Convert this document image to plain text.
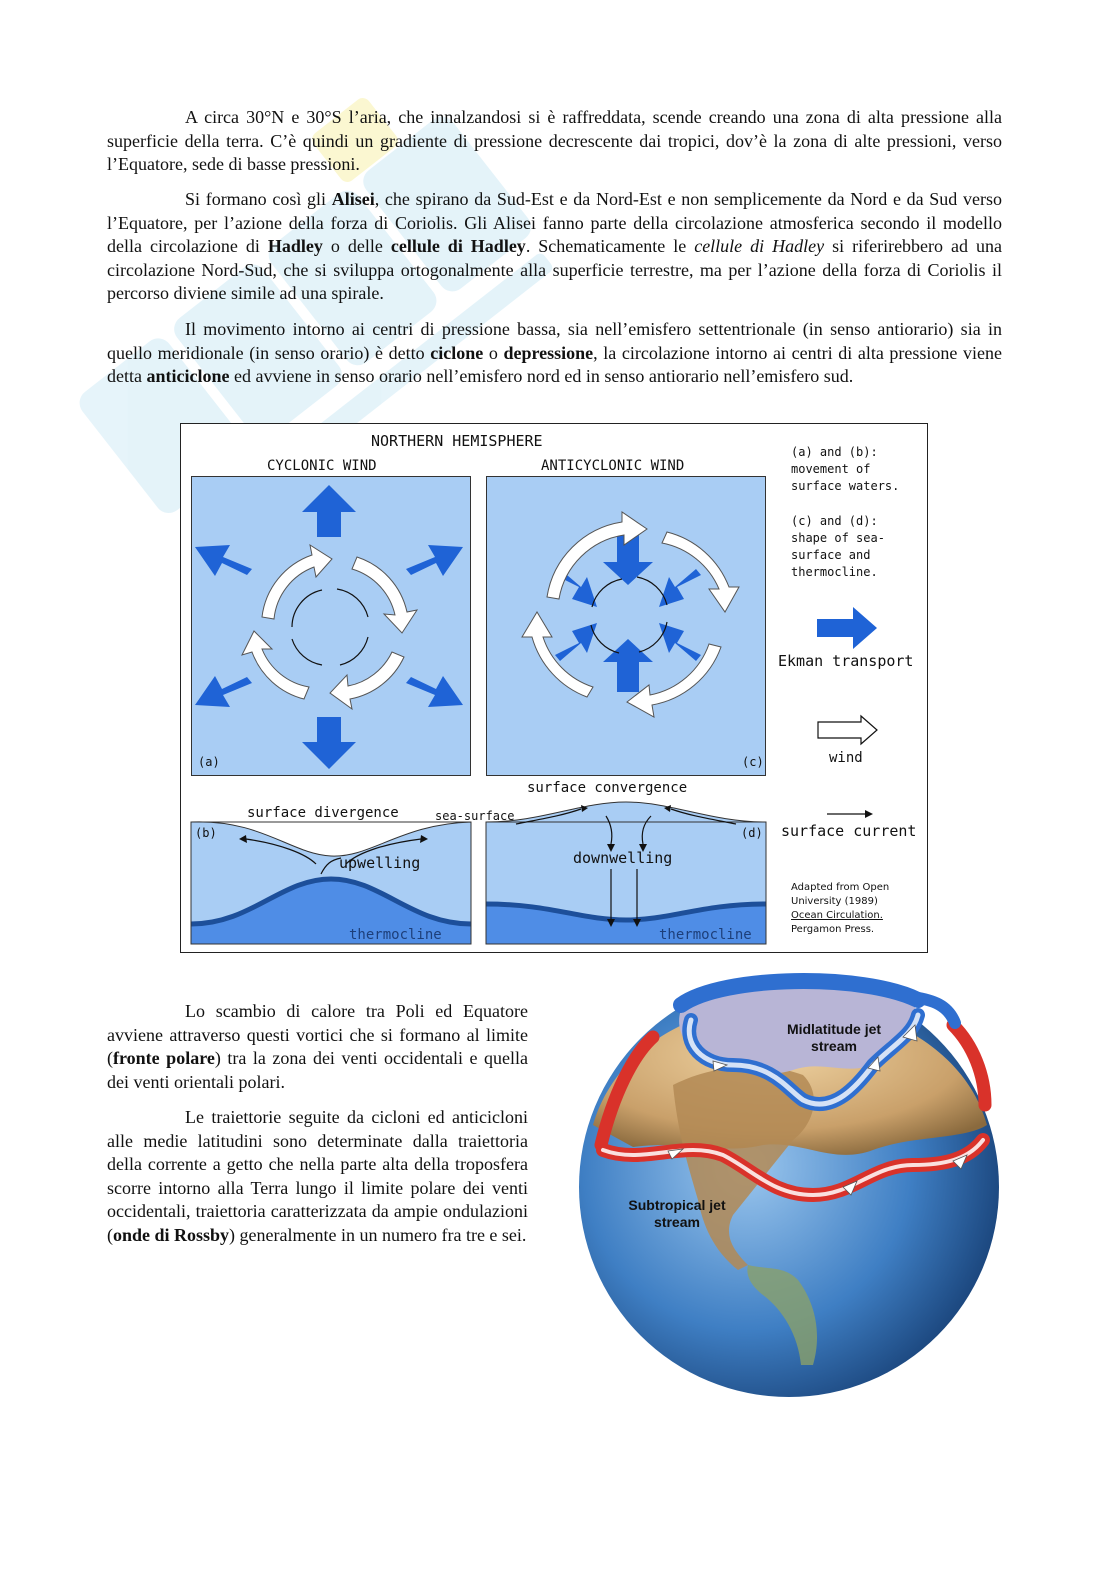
A circa 30°N e 30°S l’aria, che innalzandosi si è raffreddata, scende creando una zona di alta pressione alla superficie della terra. C’è quindi un gradiente di pressione decrescente dai tropici, dov’è la zona di alte pressioni, verso l’Equatore, sede di basse pressioni.

Si formano così gli Alisei, che spirano da Sud-Est e da Nord-Est e non semplicemente da Nord e da Sud verso l’Equatore, per l’azione della forza di Coriolis. Gli Alisei fanno parte della circolazione atmosferica secondo il modello della circolazione di Hadley o delle cellule di Hadley. Schematicamente le cellule di Hadley si riferirebbero ad una circolazione Nord-Sud, che si sviluppa ortogonalmente alla superficie terrestre, ma per l’azione della forza di Coriolis il percorso diviene simile ad una spirale.

Il movimento intorno ai centri di pressione bassa, sia nell’emisfero settentrionale (in senso antiorario) sia in quello meridionale (in senso orario) è detto ciclone o depressione, la circolazione intorno ai centri di alta pressione viene detta anticiclone ed avviene in senso orario nell’emisfero nord ed in senso antiorario nell’emisfero sud.

NORTHERN HEMISPHERE
CYCLONIC WIND	ANTICYCLONIC WIND
(a)	(c)
(a) and (b):
movement of
surface waters.
(c) and (d):
shape of sea-
surface and
thermocline.
Ekman transport
wind
surface current
surface convergence
surface divergence	sea-surface
(b)	(d)
upwelling	downwelling
thermocline	thermocline
Adapted from Open
University (1989)
Ocean Circulation.
Pergamon Press.

Lo scambio di calore tra Poli ed Equatore avviene attraverso questi vortici che si formano al limite (fronte polare) tra la zona dei venti occidentali e quella dei venti orientali polari.

Le traiettorie seguite da cicloni ed anticicloni alle medie latitudini sono determinate dalla traiettoria della corrente a getto che nella parte alta della troposfera scorre intorno alla Terra lungo il limite polare dei venti occidentali, traiettoria caratterizzata da ampie ondulazioni (onde di Rossby) generalmente in un numero fra tre e sei.

Midlatitude jet stream
Subtropical jet stream
